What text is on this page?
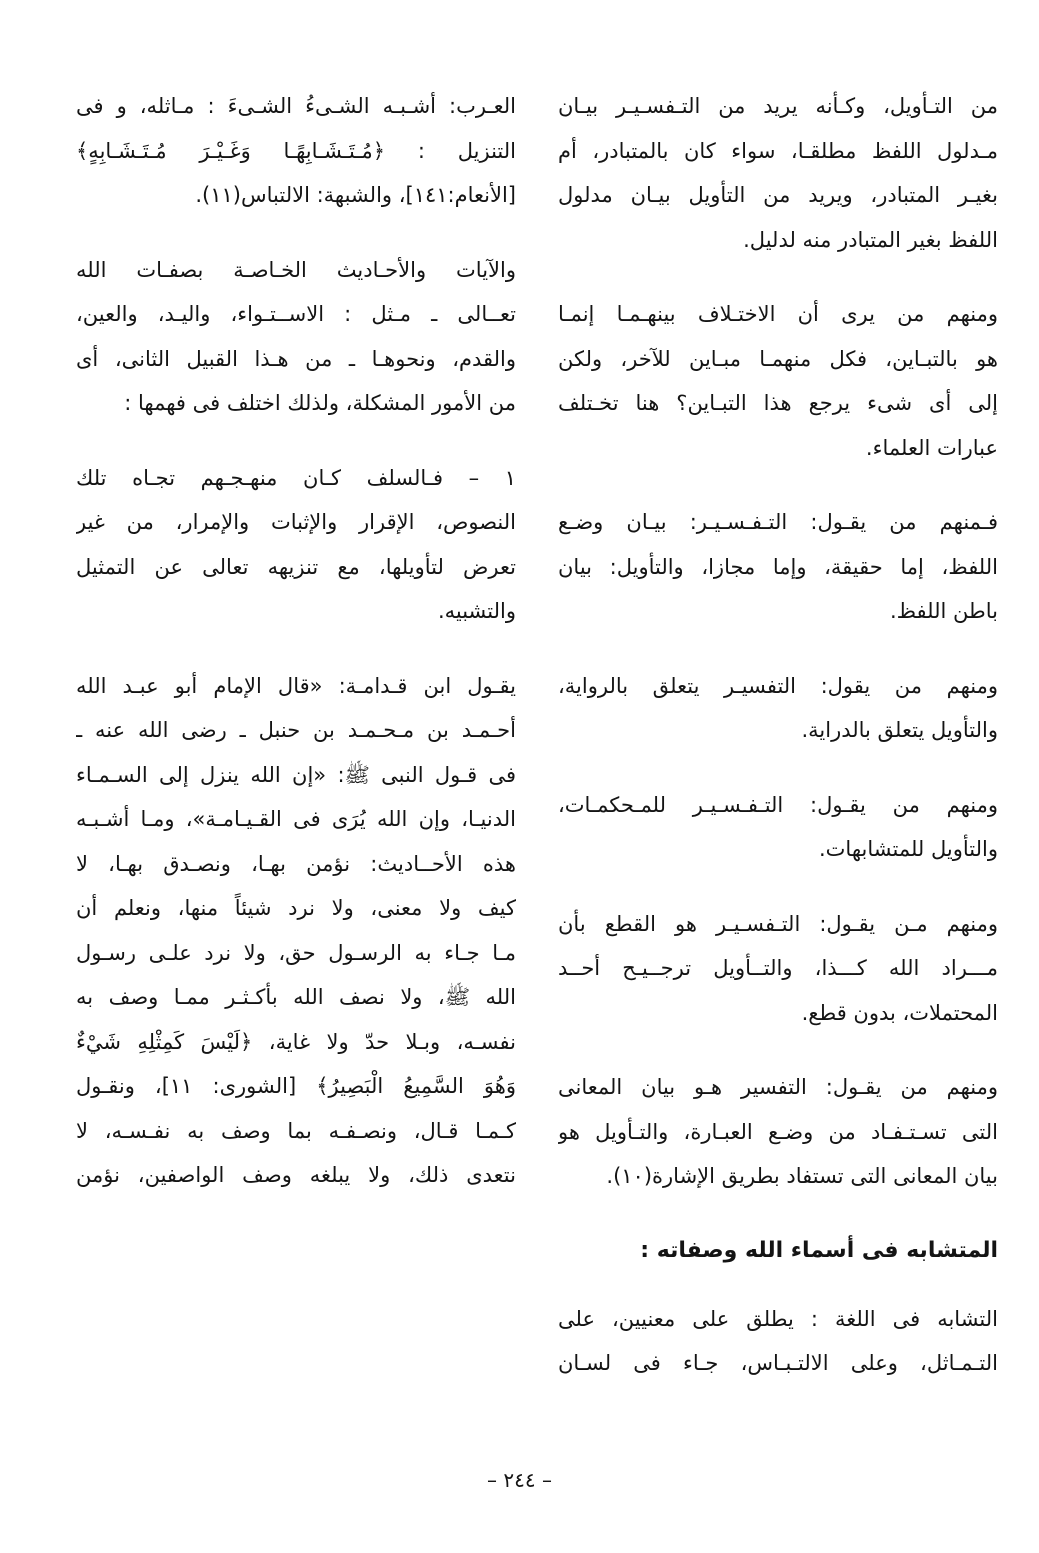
من التـأويل، وكـأنه يريد من التـفسـيـر بيـان
مـدلول اللفظ مطلقـا، سواء كان بالمتبادر، أم
بغيـر المتبادر، ويريد من التأويل بيـان مدلول
اللفظ بغير المتبادر منه لدليل.
ومنهم من يرى أن الاختـلاف بينهـمـا إنمـا
هو بالتبـاين، فكل منهمـا مبـاين للآخر، ولكن
إلى أى شىء يرجع هذا التبـاين؟ هنا تخـتلف
عبارات العلماء.
فـمنهم من يقـول: التـفـسـيـر: بيـان وضـع
اللفظ، إما حقيقة، وإما مجازا، والتأويل: بيان
باطن اللفظ.
ومنهم من يقول: التفسيـر يتعلق بالرواية،
والتأويل يتعلق بالدراية.
ومنهم من يقـول: التـفـسـيـر للمـحكمـات،
والتأويل للمتشابهات.
ومنهم مـن يقـول: التـفسـيـر هو القطع بأن
مـــراد الله كـــذا، والتــأويل ترجــيـح أحــد
المحتملات، بدون قطع.
ومنهم من يقـول: التفسير هـو بيان المعانى
التى تسـتـفـاد من وضـع العبـارة، والتـأويل هو
بيان المعانى التى تستفاد بطريق الإشارة(١٠).
المتشابه فى أسماء الله وصفاته :
التشابه فى اللغة : يطلق على معنيين، على
التـمـاثل، وعلى الالتـبـاس، جـاء فى لسـان
العـرب: أشـبـه الشـىءُ الشـىءَ : مـاثله، و فى
التنزيل : ﴿مُـتَـشَـابِهًـا وَغَـيْـرَ مُـتَـشَـابِهٍ﴾
[الأنعام:١٤١]، والشبهة: الالتباس(١١).
والآيات والأحـاديث الخـاصـة بصفـات الله
تعــالى ـ مـثل : الاســتـواء، واليـد، والعين،
والقدم، ونحوهـا ـ من هـذا القبيل الثانى، أى
من الأمور المشكلة، ولذلك اختلف فى فهمها :
١ – فـالسلف كـان منهـجـهم تجـاه تلك
النصوص، الإقرار والإثبات والإمرار، من غير
تعرض لتأويلها، مع تنزيهه تعالى عن التمثيل
والتشبيه.
يقـول ابن قـدامـة: «قال الإمام أبو عبـد الله
أحـمـد بن مـحـمـد بن حنبل ـ رضى الله عنه ـ
فى قـول النبى ﷺ: «إن الله ينزل إلى السـمـاء
الدنيـا، وإن الله يُرَى فى القـيـامـة»، ومـا أشـبـه
هذه الأحــاديث: نؤمن بهـا، ونصـدق بهـا، لا
كيف ولا معنى، ولا نرد شيئاً منها، ونعلم أن
مـا جـاء به الرسـول حق، ولا نرد علـى رسـول
الله ﷺ، ولا نصف الله بأكـثـر ممـا وصف به
نفسـه، وبـلا حدّ ولا غاية، ﴿لَيْسَ كَمِثْلِهِ شَيْءٌ
وَهُوَ السَّمِيعُ الْبَصِيرُ﴾ [الشورى: ١١]، ونقـول
كـمـا قـال، ونصـفـه بما وصف به نفـسـه، لا
نتعدى ذلك، ولا يبلغه وصف الواصفين، نؤمن
– ٢٤٤ –
